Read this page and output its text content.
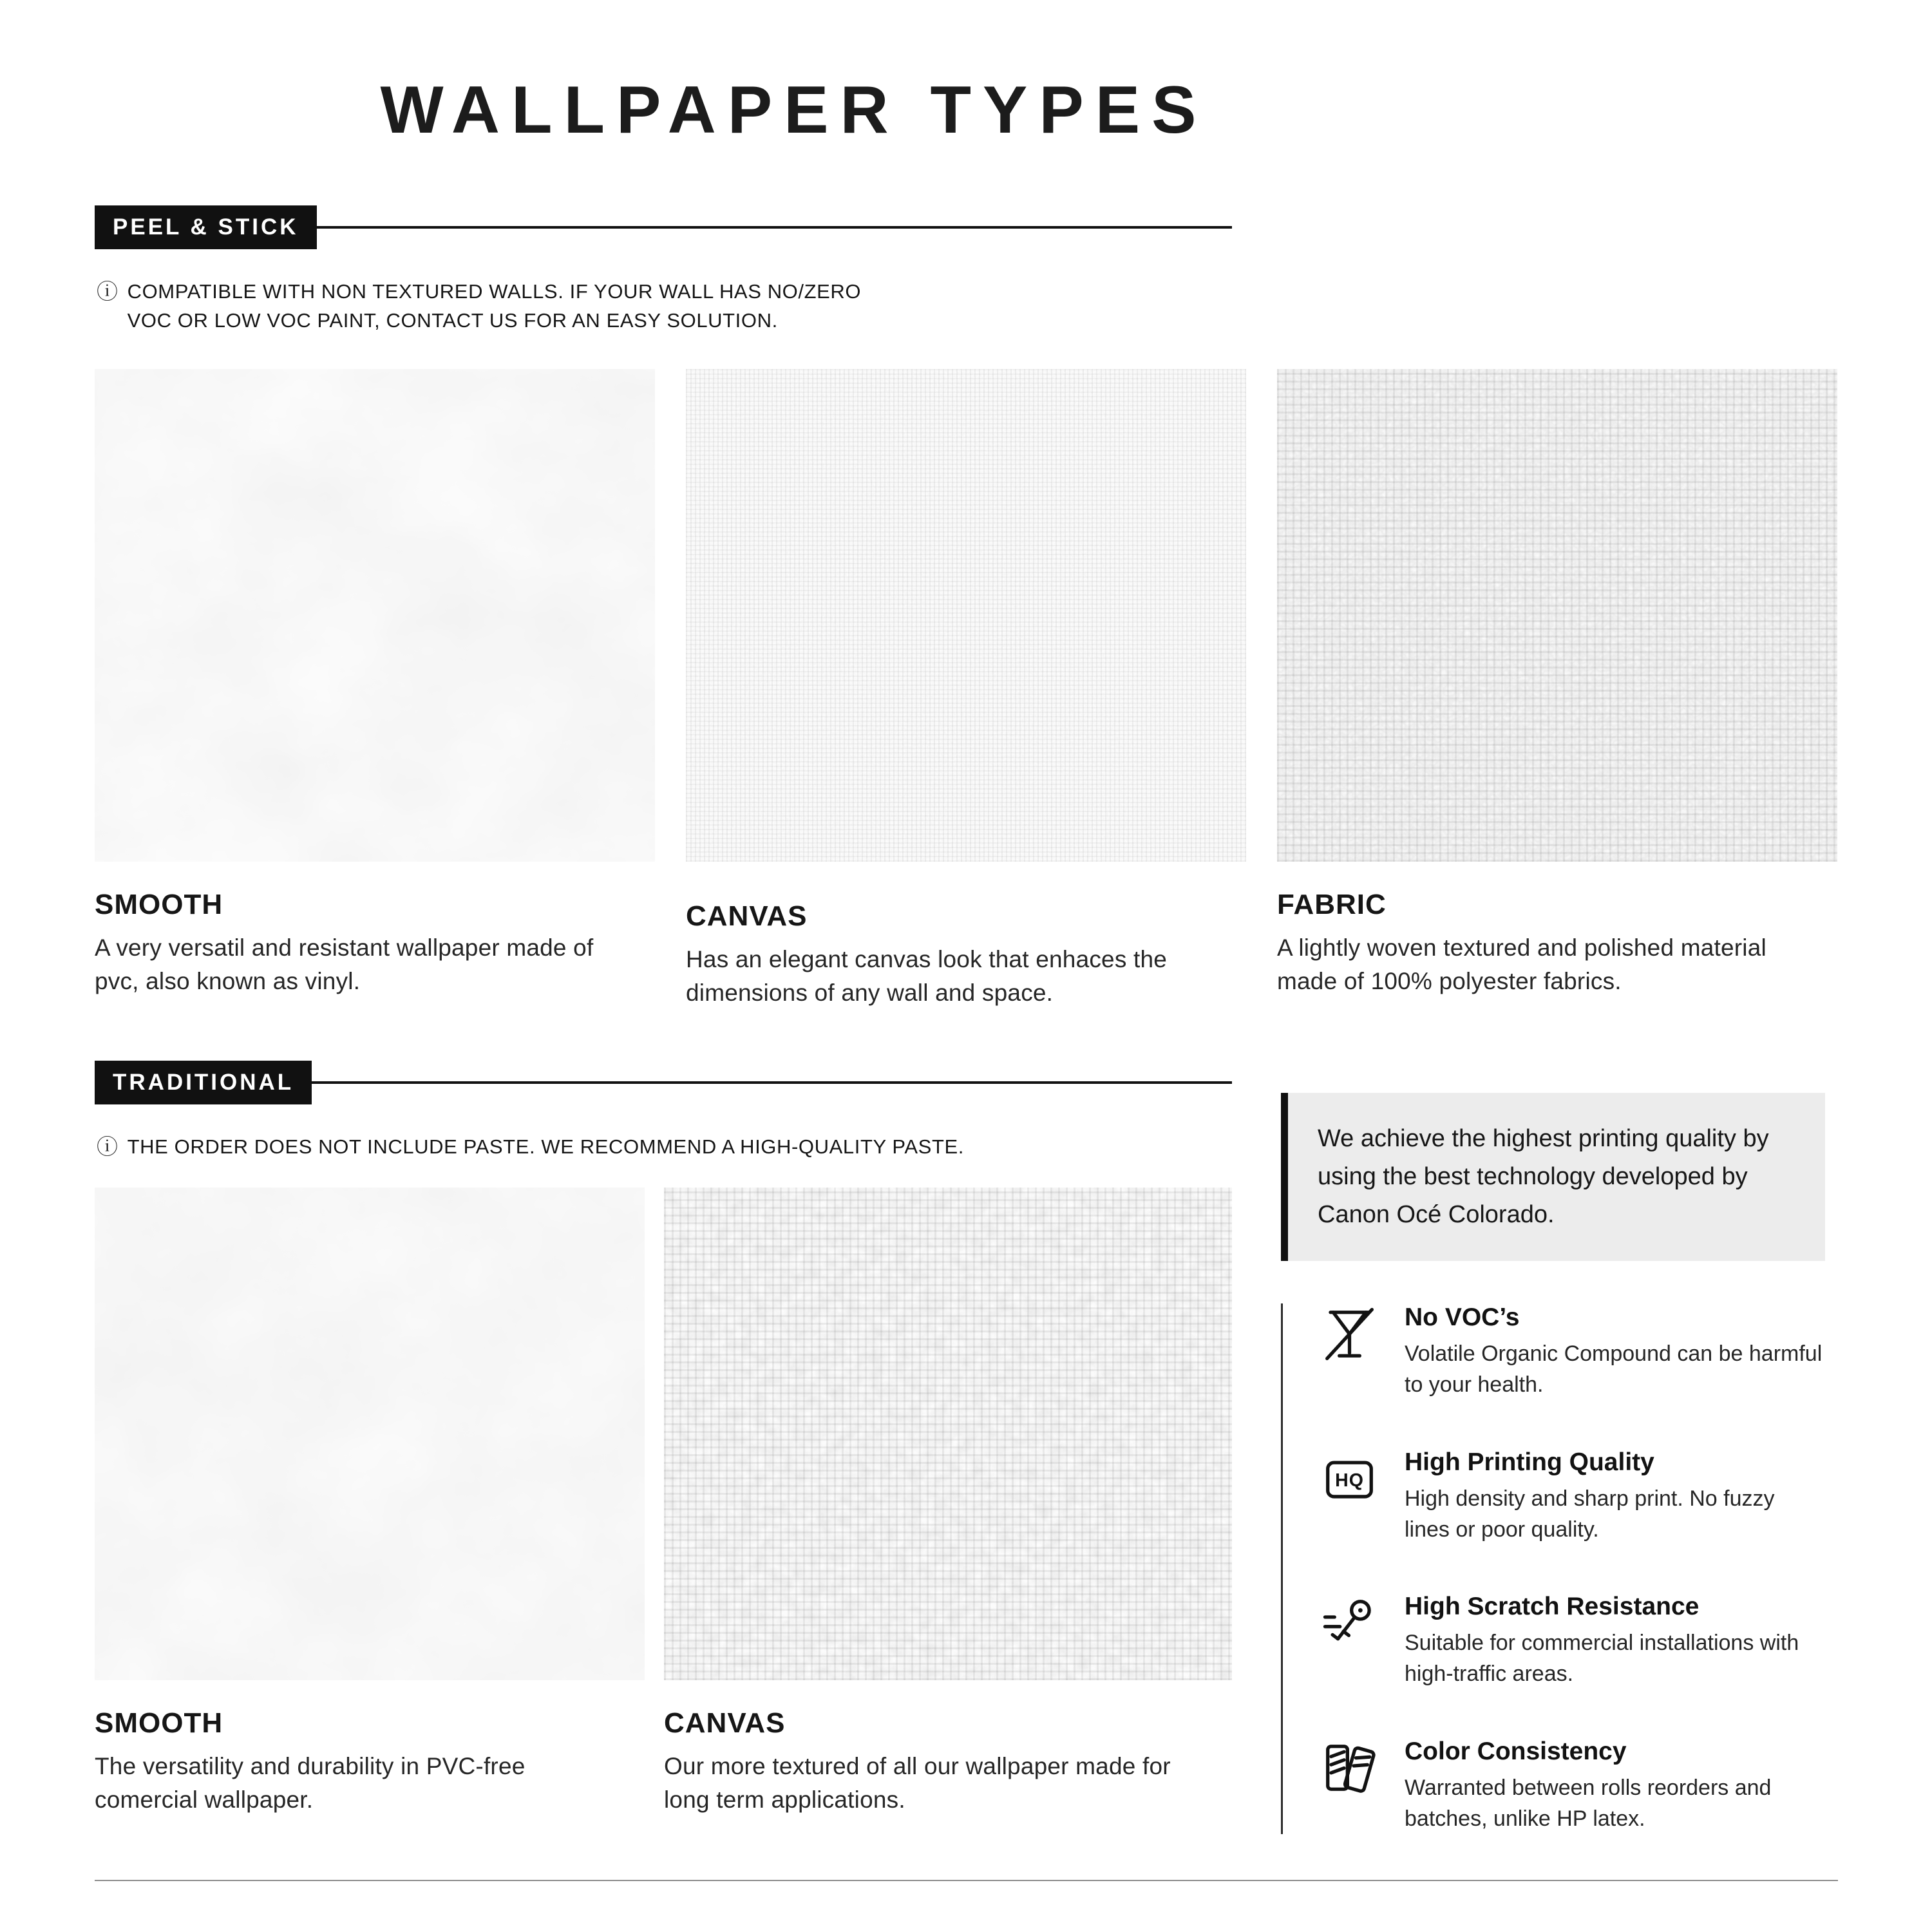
WALLPAPER TYPES
PEEL & STICK
ⓘ COMPATIBLE WITH NON TEXTURED WALLS. IF YOUR WALL HAS NO/ZERO VOC OR LOW VOC PAINT, CONTACT US FOR AN EASY SOLUTION.
SMOOTH
A very versatil and resistant wallpaper made of pvc, also known as vinyl.
CANVAS
Has an elegant canvas look that enhaces the dimensions of any wall and space.
FABRIC
A lightly woven textured and polished material made of 100% polyester fabrics.
TRADITIONAL
ⓘ THE ORDER DOES NOT INCLUDE PASTE. WE RECOMMEND A HIGH-QUALITY PASTE.
SMOOTH
The versatility and durability in PVC-free comercial wallpaper.
CANVAS
Our more textured of all our wallpaper made for long term applications.
We achieve the highest printing quality by using the best technology developed by Canon Océ Colorado.
No VOC’s
Volatile Organic Compound can be harmful to your health.
HQ
High Printing Quality
High density and sharp print. No fuzzy lines or poor quality.
High Scratch Resistance
Suitable for commercial installations with high-traffic areas.
Color Consistency
Warranted between rolls reorders and batches, unlike HP latex.
